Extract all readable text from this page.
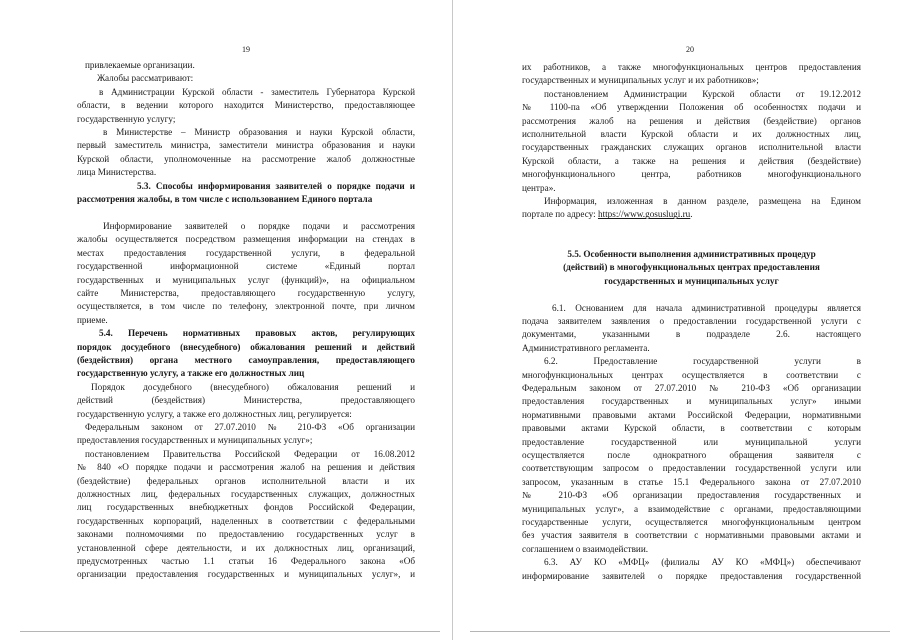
19
привлекаемые организации.
Жалобы рассматривают:
в Администрации Курской области - заместитель Губернатора Курской
области, в ведении которого находится Министерство, предоставляющее
государственную услугу;
в Министерстве – Министр образования и науки Курской области,
первый заместитель министра, заместители министра образования и науки
Курской области, уполномоченные на рассмотрение жалоб должностные
лица Министерства.
5.3. Способы информирования заявителей о порядке подачи и
рассмотрения жалобы, в том числе с использованием Единого портала
Информирование заявителей о порядке подачи и рассмотрения
жалобы осуществляется посредством размещения информации на стендах в
местах предоставления государственной услуги, в федеральной
государственной информационной системе «Единый портал
государственных и муниципальных услуг (функций)», на официальном
сайте Министерства, предоставляющего государственную услугу,
осуществляется, в том числе по телефону, электронной почте, при личном
приеме.
5.4. Перечень нормативных правовых актов, регулирующих
порядок досудебного (внесудебного) обжалования решений и действий
(бездействия) органа местного самоуправления, предоставляющего
государственную услугу, а также его должностных лиц
Порядок досудебного (внесудебного) обжалования решений и
действий (бездействия) Министерства, предоставляющего
государственную услугу, а также его должностных лиц, регулируется:
Федеральным законом от 27.07.2010 № 210-ФЗ «Об организации
предоставления государственных и муниципальных услуг»;
постановлением Правительства Российской Федерации от 16.08.2012
№ 840 «О порядке подачи и рассмотрения жалоб на решения и действия
(бездействие) федеральных органов исполнительной власти и их
должностных лиц, федеральных государственных служащих, должностных
лиц государственных внебюджетных фондов Российской Федерации,
государственных корпораций, наделенных в соответствии с федеральными
законами полномочиями по предоставлению государственных услуг в
установленной сфере деятельности, и их должностных лиц, организаций,
предусмотренных частью 1.1 статьи 16 Федерального закона «Об
организации предоставления государственных и муниципальных услуг», и
20
их работников, а также многофункциональных центров предоставления
государственных и муниципальных услуг и их работников»;
постановлением Администрации Курской области от 19.12.2012
№ 1100-па «Об утверждении Положения об особенностях подачи и
рассмотрения жалоб на решения и действия (бездействие) органов
исполнительной власти Курской области и их должностных лиц,
государственных гражданских служащих органов исполнительной власти
Курской области, а также на решения и действия (бездействие)
многофункционального центра, работников многофункционального
центра».
Информация, изложенная в данном разделе, размещена на Едином
портале по адресу: https://www.gosuslugi.ru.
5.5. Особенности выполнения административных процедур
(действий) в многофункциональных центрах предоставления
государственных и муниципальных услуг
6.1. Основанием для начала административной процедуры является
подача заявителем заявления о предоставлении государственной услуги с
документами, указанными в подразделе 2.6. настоящего
Административного регламента.
6.2. Предоставление государственной услуги в
многофункциональных центрах осуществляется в соответствии с
Федеральным законом от 27.07.2010 № 210-ФЗ «Об организации
предоставления государственных и муниципальных услуг» иными
нормативными правовыми актами Российской Федерации, нормативными
правовыми актами Курской области, в соответствии с которым
предоставление государственной или муниципальной услуги
осуществляется после однократного обращения заявителя с
соответствующим запросом о предоставлении государственной услуги или
запросом, указанным в статье 15.1 Федерального закона от 27.07.2010
№ 210-ФЗ «Об организации предоставления государственных и
муниципальных услуг», а взаимодействие с органами, предоставляющими
государственные услуги, осуществляется многофункциональным центром
без участия заявителя в соответствии с нормативными правовыми актами и
соглашением о взаимодействии.
6.3. АУ КО «МФЦ» (филиалы АУ КО «МФЦ») обеспечивают
информирование заявителей о порядке предоставления государственной
